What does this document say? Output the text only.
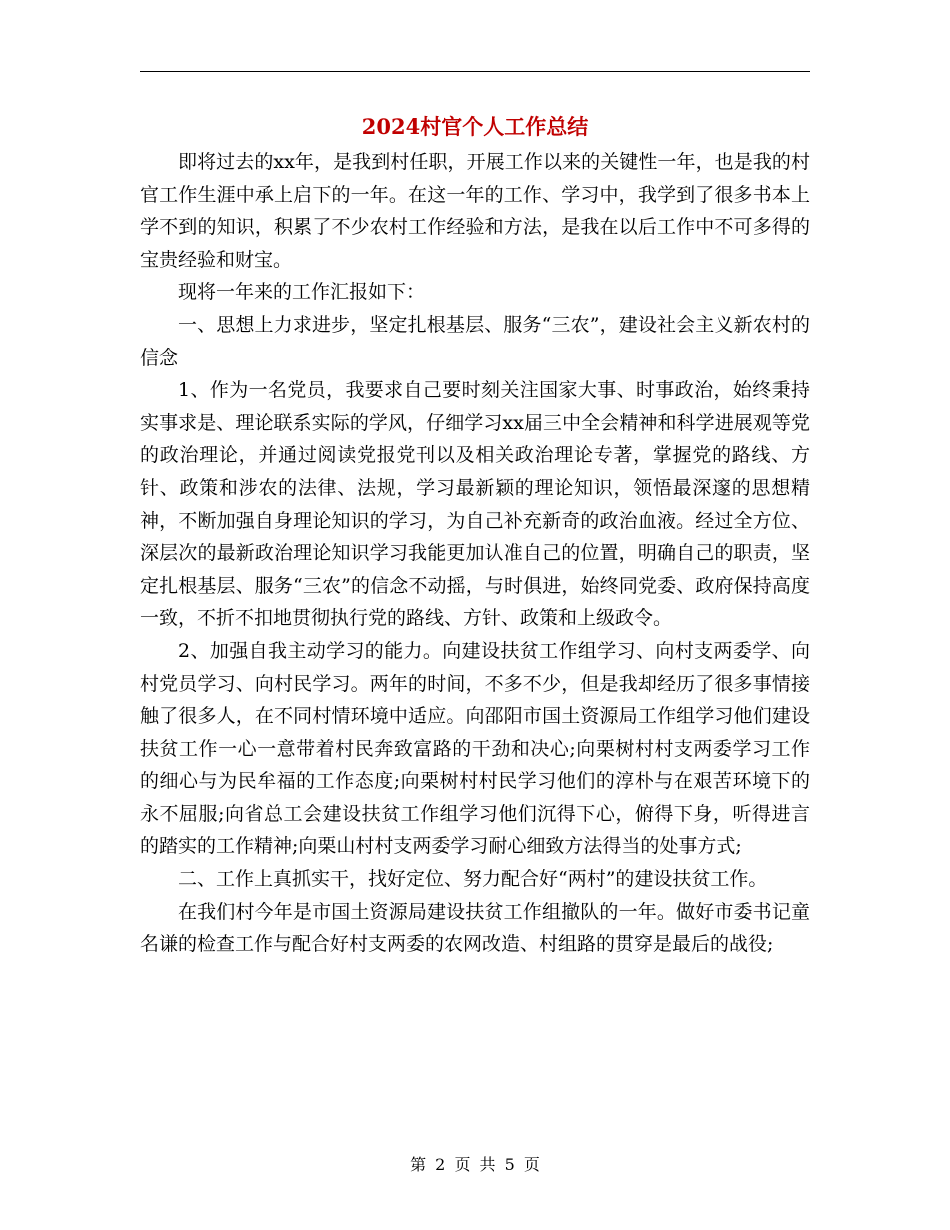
2024村官个人工作总结

即将过去的xx年，是我到村任职，开展工作以来的关键性一年，也是我的村官工作生涯中承上启下的一年。在这一年的工作、学习中，我学到了很多书本上学不到的知识，积累了不少农村工作经验和方法，是我在以后工作中不可多得的宝贵经验和财宝。

现将一年来的工作汇报如下：

一、思想上力求进步，坚定扎根基层、服务“三农”，建设社会主义新农村的信念

1、作为一名党员，我要求自己要时刻关注国家大事、时事政治，始终秉持实事求是、理论联系实际的学风，仔细学习xx届三中全会精神和科学进展观等党的政治理论，并通过阅读党报党刊以及相关政治理论专著，掌握党的路线、方针、政策和涉农的法律、法规，学习最新颖的理论知识，领悟最深邃的思想精神，不断加强自身理论知识的学习，为自己补充新奇的政治血液。经过全方位、深层次的最新政治理论知识学习我能更加认准自己的位置，明确自己的职责，坚定扎根基层、服务“三农”的信念不动摇，与时俱进，始终同党委、政府保持高度一致，不折不扣地贯彻执行党的路线、方针、政策和上级政令。

2、加强自我主动学习的能力。向建设扶贫工作组学习、向村支两委学、向村党员学习、向村民学习。两年的时间，不多不少，但是我却经历了很多事情接触了很多人，在不同村情环境中适应。向邵阳市国土资源局工作组学习他们建设扶贫工作一心一意带着村民奔致富路的干劲和决心;向栗树村村支两委学习工作的细心与为民牟福的工作态度;向栗树村村民学习他们的淳朴与在艰苦环境下的永不屈服;向省总工会建设扶贫工作组学习他们沉得下心，俯得下身，听得进言的踏实的工作精神;向栗山村村支两委学习耐心细致方法得当的处事方式;

二、工作上真抓实干，找好定位、努力配合好“两村”的建设扶贫工作。

在我们村今年是市国土资源局建设扶贫工作组撤队的一年。做好市委书记童名谦的检查工作与配合好村支两委的农网改造、村组路的贯穿是最后的战役;

第 2 页 共 5 页
